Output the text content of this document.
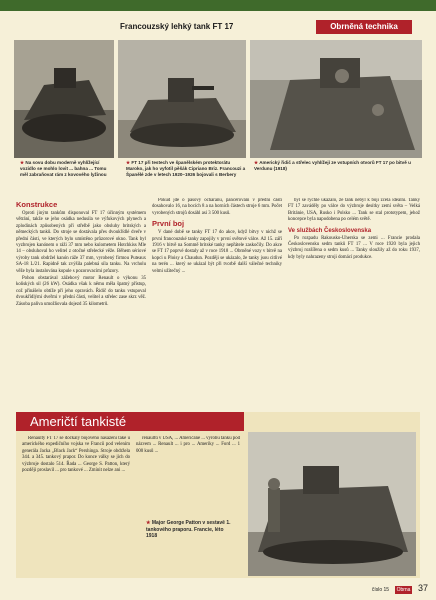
Francouzský lehký tank FT 17	Obrněná technika
★ Na sovu dobu moderně vyhlížející vozidlo se mohlo lovit ... bahna ... Tomu měl zabraňovat rám z kovového lyžinou
★ FT 17 při testech ve španělském protektorátu Maroko, jak ho vyfotil pěšák Cipriano Briz. Francouzi a Španělé zde v letech 1920–1926 bojovali s Berbery
★ Americký řidič a střelec vyhlížejí ze vstupních otvorů FT 17 po bitvě u Verdunu (1918)
Konstrukce

Oproti jiným tankům disponoval FT 17 účinným systémem větrání, takže se jeho osádka nedusila ve výfukových plynech a zplodinách způsobených při střelbě jako obsluhy britských a německých tanků. Do stroje se dostávala přes dvoukřídlé dveře v přední části, ve kterých bylo umístěno průzorové okno. Tank byl vyzbrojen kanónem o ráži 37 mm nebo kulometem Hotchkiss Mle 14 – obsluhoval ho velitel z otočné střelecké věže. Během sériové výroby tank obdržel kanón ráže 37 mm, vyrobený firmou Puteaux SA-18 L/21. Rapidně tak zvýšila palebná síla tanku. Na vrcholu věže byla instalována kopule s pozorovacími průzory.

Pohon obstarával zážehový motor Renault o výkonu 35 koňských sil (26 kW). Osádka však k němu měla špatný přístup, což přinášelo obtíže při jeho opravách. Řidič do tanku vstupoval dvoukřídlými dveřmi v přední části, velitel a střelec zase skrz věž. Zásoba paliva umožňovala dojezd 35 kilometrů.

Pokud jde o pásový ocharanu, pancéřování v přední části dosahovalo 16, na bocích 8 a na horních částech stroje 6 mm. Počet vyrobených strojů dosáhl asi 3 500 kusů.

První boj

V dané době se tanky FT 17 do akce, když bitvy v nichž se první francouzské tanky zapojily v první světové válce. Až 15. září 1916 v bitvě na Sommě britské tanky nepřátele zaskočily. Do akce se FT 17 poprvé dostaly až v roce 1918 ... Obrněné vozy v bitvě na kopci u Ploisy a Chaudun. Později se ukázalo, že tanky jsou citlivé na terén ... který se ukázal být při tvorbě další válečné techniky velmi užitečný ...

byl se rychle ukázalo, že tank nebyl k boji zcela ideální. Tanky FT 17 zaváděly po válce do výzbroje desítky zemí světa – Velká Británie, USA, Rusko i Polsko ... Tank se stal prototypem, jehož koncepce byla napodobena po celém světě.

Ve službách Československa

Po rozpadu Rakousko-Uherska se zemi ... Francie prodala Československu sedm tanků FT 17 ... V roce 1920 byla jejich výzbroj rozšířena o sedm kusů ... Tanky sloužily až do roku 1937, kdy byly nahrazeny stroji domácí produkce.

Američtí tankisté

Renaulty FT 17 se dočkaly bojového nasazení také u amerického expedičního vojska ve Francii pod velením generála Jacka „Black Jack“ Pershinga. Stroje obdržela 344. a 345. tankový prapor. Do konce války se jich do výzbroje dostalo 514. Řada ... George S. Patton, který později proslavil ... pro tankové ... Zmínit nelze ani ...

renaultů v USA, ... Američané ... výrobu tanku pod názvem ... Renault ... i pro ... Ameriky ... Ford ... 1 000 kusů ...

★ Major George Patton v sestavě 1. tankového praporu. Francie, léto 1918
číslo 15 Obrna 37
